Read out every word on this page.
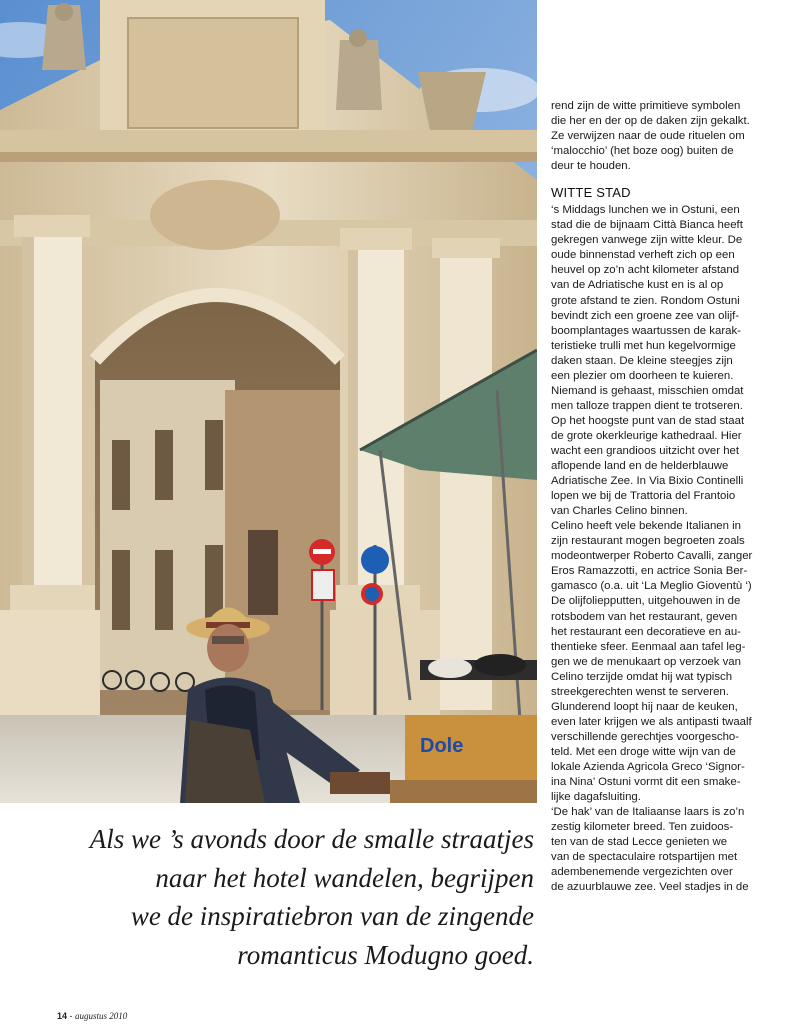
Dole

rend zijn de witte primitieve symbolen

die her en der op de daken zijn gekalkt.

Ze verwijzen naar de oude rituelen om

‘malocchio’ (het boze oog) buiten de

deur te houden.

WITTE STAD

‘s Middags lunchen we in Ostuni, een

stad die de bijnaam Città Bianca heeft

gekregen vanwege zijn witte kleur. De

oude binnenstad verheft zich op een

heuvel op zo’n acht kilometer afstand

van de Adriatische kust en is al op

grote afstand te zien. Rondom Ostuni

bevindt zich een groene zee van olijf-

boomplantages waartussen de karak-

teristieke trulli met hun kegelvormige

daken staan. De kleine steegjes zijn

een plezier om doorheen te kuieren.

Niemand is gehaast, misschien omdat

men talloze trappen dient te trotseren.

Op het hoogste punt van de stad staat

de grote okerkleurige kathedraal. Hier

wacht een grandioos uitzicht over het

aflopende land en de helderblauwe

Adriatische Zee. In Via Bixio Continelli

lopen we bij de Trattoria del Frantoio

van Charles Celino binnen.

Celino heeft vele bekende Italianen in

zijn restaurant mogen begroeten zoals

modeontwerper Roberto Cavalli, zanger

Eros Ramazzotti, en actrice Sonia Ber-

gamasco (o.a. uit ‘La Meglio Gioventù ‘)

De olijfoliepputten, uitgehouwen in de

rotsbodem van het restaurant, geven

het restaurant een decoratieve en au-

thentieke sfeer. Eenmaal aan tafel leg-

gen we de menukaart op verzoek van

Celino terzijde omdat hij wat typisch

streekgerechten wenst te serveren.

Glunderend loopt hij naar de keuken,

even later krijgen we als antipasti twaalf

verschillende gerechtjes voorgescho-

teld. Met een droge witte wijn van de

lokale Azienda Agricola Greco ‘Signor-

ina Nina’ Ostuni vormt dit een smake-

lijke dagafsluiting.

‘De hak’ van de Italiaanse laars is zo’n

zestig kilometer breed. Ten zuidoos-

ten van de stad Lecce genieten we

van de spectaculaire rotspartijen met

adembenemende vergezichten over

de azuurblauwe zee. Veel stadjes in de

Als we ’s avonds door de smalle straatjes
naar het hotel wandelen, begrijpen
we de inspiratiebron van de zingende
romanticus Modugno goed.
14 - augustus 2010
